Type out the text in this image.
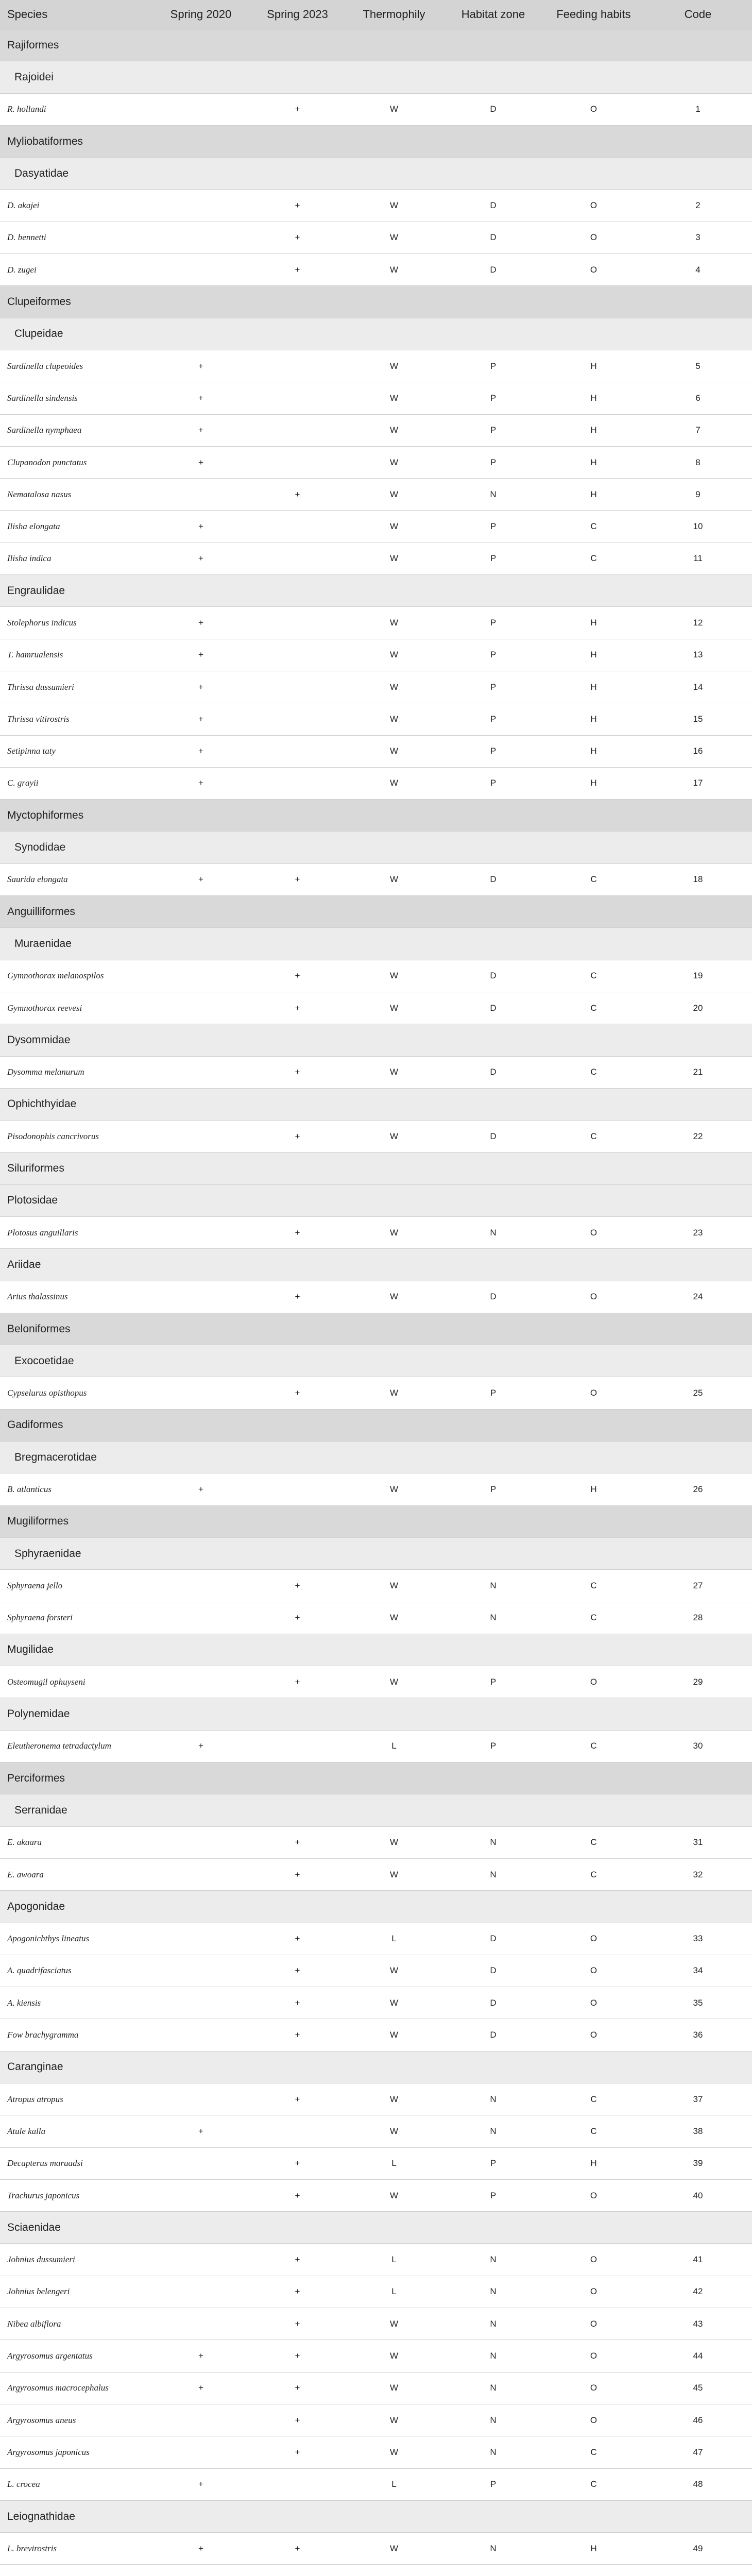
Species	Spring 2020	Spring 2023	Thermophily	Habitat zone	Feeding habits	Code
Rajiformes						
Rajoidei						
R. hollandi		+	W	D	O	1
Myliobatiformes						
Dasyatidae						
D. akajei		+	W	D	O	2
D. bennetti		+	W	D	O	3
D. zugei		+	W	D	O	4
Clupeiformes						
Clupeidae						
Sardinella clupeoides	+		W	P	H	5
Sardinella sindensis	+		W	P	H	6
Sardinella nymphaea	+		W	P	H	7
Clupanodon punctatus	+		W	P	H	8
Nematalosa nasus		+	W	N	H	9
Ilisha elongata	+		W	P	C	10
Ilisha indica	+		W	P	C	11
Engraulidae						
Stolephorus indicus	+		W	P	H	12
T. hamrualensis	+		W	P	H	13
Thrissa dussumieri	+		W	P	H	14
Thrissa vitirostris	+		W	P	H	15
Setipinna taty	+		W	P	H	16
C. grayii	+		W	P	H	17
Myctophiformes						
Synodidae						
Saurida elongata	+	+	W	D	C	18
Anguilliformes						
Muraenidae						
Gymnothorax melanospilos		+	W	D	C	19
Gymnothorax reevesi		+	W	D	C	20
Dysommidae						
Dysomma melanurum		+	W	D	C	21
Ophichthyidae						
Pisodonophis cancrivorus		+	W	D	C	22
Siluriformes						
Plotosidae						
Plotosus anguillaris		+	W	N	O	23
Ariidae						
Arius thalassinus		+	W	D	O	24
Beloniformes						
Exocoetidae						
Cypselurus opisthopus		+	W	P	O	25
Gadiformes						
Bregmacerotidae						
B. atlanticus	+		W	P	H	26
Mugiliformes						
Sphyraenidae						
Sphyraena jello		+	W	N	C	27
Sphyraena forsteri		+	W	N	C	28
Mugilidae						
Osteomugil ophuyseni		+	W	P	O	29
Polynemidae						
Eleutheronema tetradactylum	+		L	P	C	30
Perciformes						
Serranidae						
E. akaara		+	W	N	C	31
E. awoara		+	W	N	C	32
Apogonidae						
Apogonichthys lineatus		+	L	D	O	33
A. quadrifasciatus		+	W	D	O	34
A. kiensis		+	W	D	O	35
Fow brachygramma		+	W	D	O	36
Caranginae						
Atropus atropus		+	W	N	C	37
Atule kalla	+		W	N	C	38
Decapterus maruadsi		+	L	P	H	39
Trachurus japonicus		+	W	P	O	40
Sciaenidae						
Johnius dussumieri		+	L	N	O	41
Johnius belengeri		+	L	N	O	42
Nibea albiflora		+	W	N	O	43
Argyrosomus argentatus	+	+	W	N	O	44
Argyrosomus macrocephalus	+	+	W	N	O	45
Argyrosomus aneus		+	W	N	O	46
Argyrosomus japonicus		+	W	N	C	47
L. crocea	+		L	P	C	48
Leiognathidae						
L. brevirostris	+	+	W	N	H	49
